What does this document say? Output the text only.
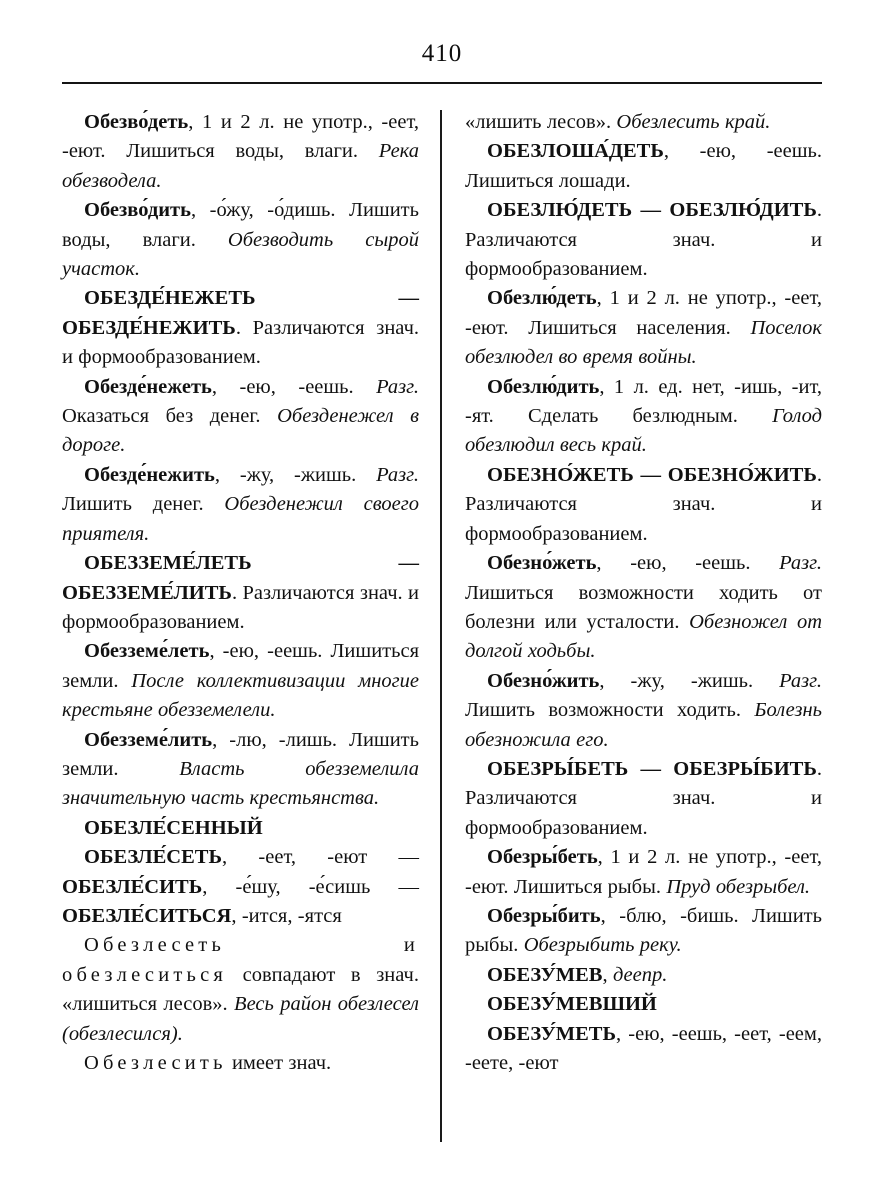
410

Обезво́деть, 1 и 2 л. не употр., -еет, -еют. Лишиться воды, влаги. Река обезводела.

Обезво́дить, -о́жу, -о́дишь. Лишить воды, влаги. Обезводить сырой участок.

ОБЕЗДЕ́НЕЖЕТЬ — ОБЕЗДЕ́НЕЖИТЬ. Различаются знач. и формообразованием.

Обезде́нежеть, -ею, -еешь. Разг. Оказаться без денег. Обезденежел в дороге.

Обезде́нежить, -жу, -жишь. Разг. Лишить денег. Обезденежил своего приятеля.

ОБЕЗЗЕМЕ́ЛЕТЬ — ОБЕЗЗЕМЕ́ЛИТЬ. Различаются знач. и формообразованием.

Обезземе́леть, -ею, -еешь. Лишиться земли. После коллективизации многие крестьяне обезземелели.

Обезземе́лить, -лю, -лишь. Лишить земли. Власть обезземелила значительную часть крестьянства.

ОБЕЗЛЕ́СЕННЫЙ

ОБЕЗЛЕ́СЕТЬ, -еет, -еют — ОБЕЗЛЕ́СИТЬ, -е́шу, -е́сишь — ОБЕЗЛЕ́СИТЬСЯ, -ится, -ятся

Обезлесеть и обезлеситься совпадают в знач. «лишиться лесов». Весь район обезлесел (обезлесился).

Обезлесить имеет знач.

«лишить лесов». Обезлесить край.

ОБЕЗЛОША́ДЕТЬ, -ею, -еешь. Лишиться лошади.

ОБЕЗЛЮ́ДЕТЬ — ОБЕЗЛЮ́ДИТЬ. Различаются знач. и формообразованием.

Обезлю́деть, 1 и 2 л. не употр., -еет, -еют. Лишиться населения. Поселок обезлюдел во время войны.

Обезлю́дить, 1 л. ед. нет, -ишь, -ит, -ят. Сделать безлюдным. Голод обезлюдил весь край.

ОБЕЗНО́ЖЕТЬ — ОБЕЗНО́ЖИТЬ. Различаются знач. и формообразованием.

Обезно́жеть, -ею, -еешь. Разг. Лишиться возможности ходить от болезни или усталости. Обезножел от долгой ходьбы.

Обезно́жить, -жу, -жишь. Разг. Лишить возможности ходить. Болезнь обезножила его.

ОБЕЗРЫ́БЕТЬ — ОБЕЗРЫ́БИТЬ. Различаются знач. и формообразованием.

Обезры́беть, 1 и 2 л. не употр., -еет, -еют. Лишиться рыбы. Пруд обезрыбел.

Обезры́бить, -блю, -бишь. Лишить рыбы. Обезрыбить реку.

ОБЕЗУ́МЕВ, деепр.

ОБЕЗУ́МЕВШИЙ

ОБЕЗУ́МЕТЬ, -ею, -еешь, -еет, -еем, -еете, -еют
